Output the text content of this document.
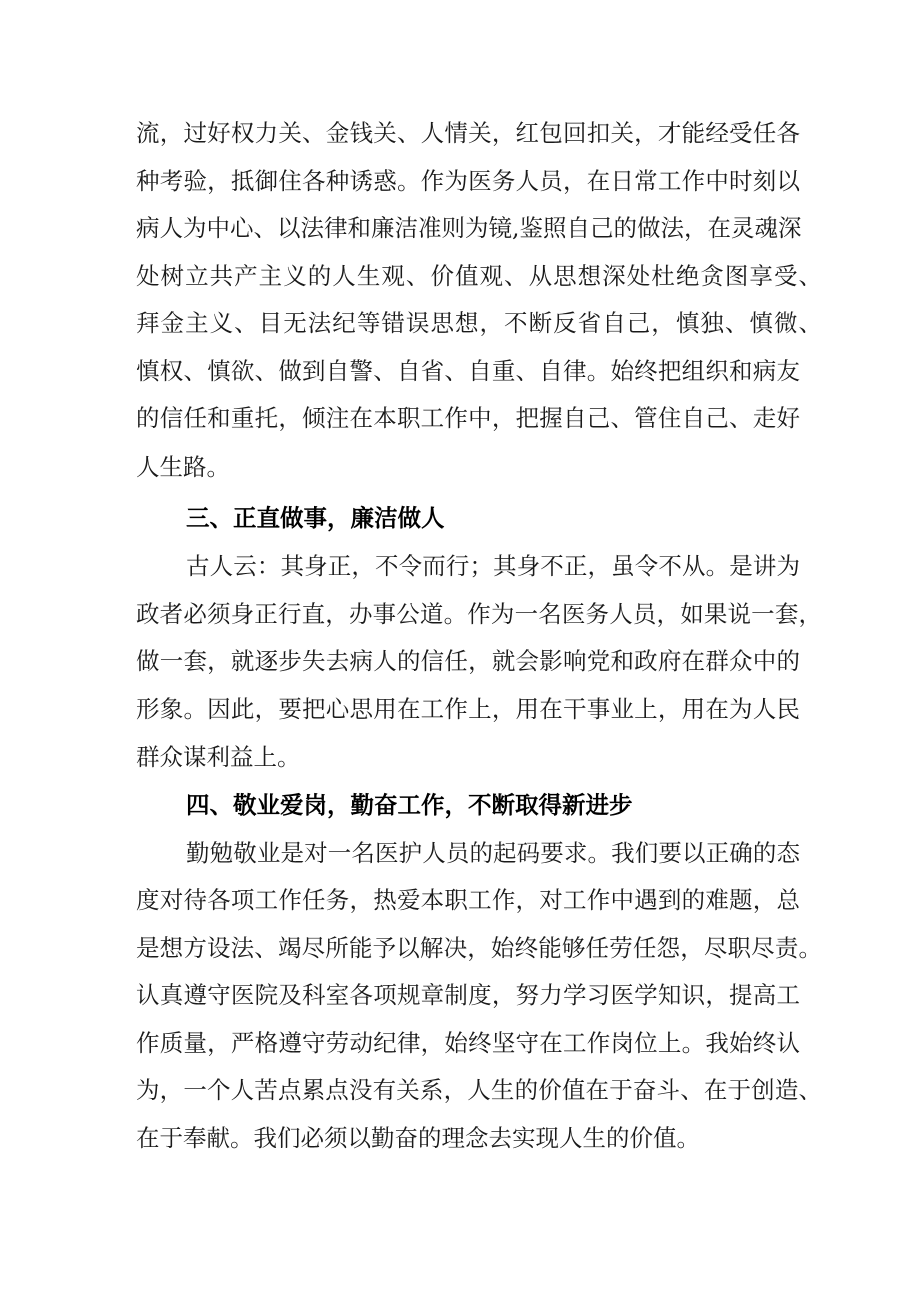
流，过好权力关、金钱关、人情关，红包回扣关，才能经受任各
种考验，抵御住各种诱惑。作为医务人员，在日常工作中时刻以
病人为中心、以法律和廉洁准则为镜,鉴照自己的做法，在灵魂深
处树立共产主义的人生观、价值观、从思想深处杜绝贪图享受、
拜金主义、目无法纪等错误思想，不断反省自己，慎独、慎微、
慎权、慎欲、做到自警、自省、自重、自律。始终把组织和病友
的信任和重托，倾注在本职工作中，把握自己、管住自己、走好
人生路。
三、正直做事，廉洁做人
古人云：其身正，不令而行；其身不正，虽令不从。是讲为
政者必须身正行直，办事公道。作为一名医务人员，如果说一套，
做一套，就逐步失去病人的信任，就会影响党和政府在群众中的
形象。因此，要把心思用在工作上，用在干事业上，用在为人民
群众谋利益上。
四、敬业爱岗，勤奋工作，不断取得新进步
勤勉敬业是对一名医护人员的起码要求。我们要以正确的态
度对待各项工作任务，热爱本职工作，对工作中遇到的难题，总
是想方设法、竭尽所能予以解决，始终能够任劳任怨，尽职尽责。
认真遵守医院及科室各项规章制度，努力学习医学知识，提高工
作质量，严格遵守劳动纪律，始终坚守在工作岗位上。我始终认
为，一个人苦点累点没有关系，人生的价值在于奋斗、在于创造、
在于奉献。我们必须以勤奋的理念去实现人生的价值。
